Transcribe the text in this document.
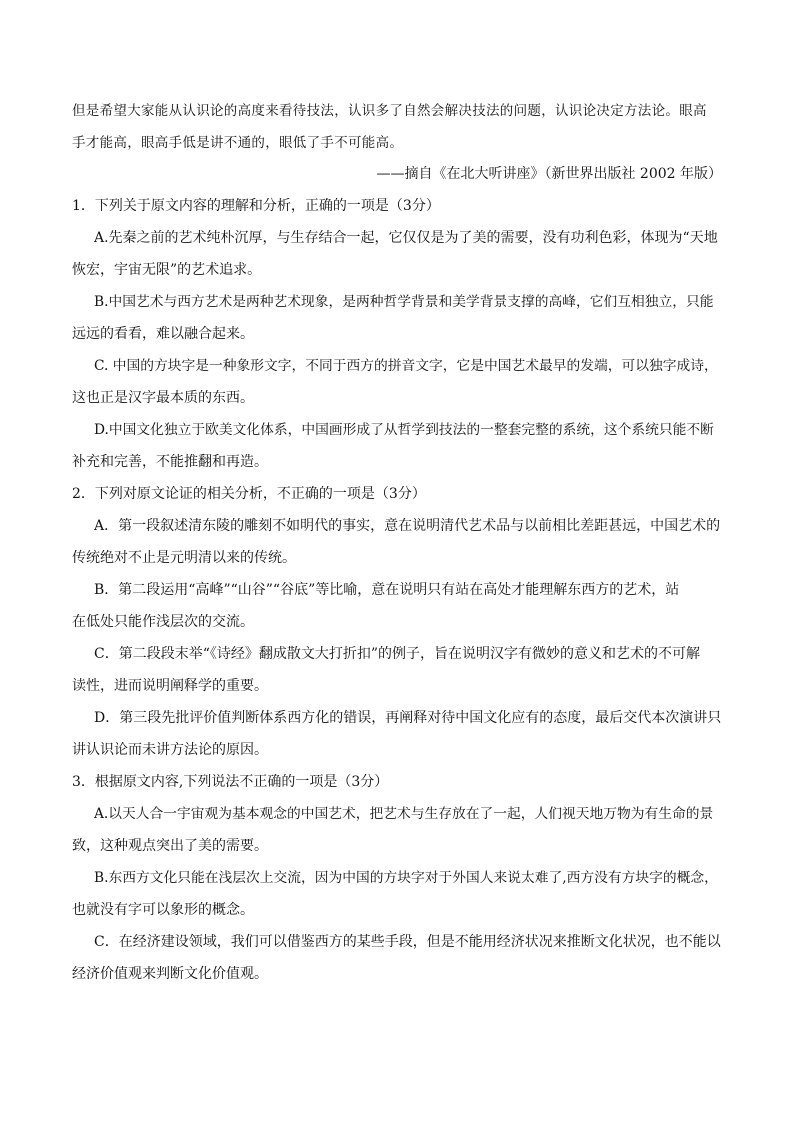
但是希望大家能从认识论的高度来看待技法，认识多了自然会解决技法的问题，认识论决定方法论。眼高

手才能高，眼高手低是讲不通的，眼低了手不可能高。

——摘自《在北大听讲座》（新世界出版社 2002 年版）

1．下列关于原文内容的理解和分析，正确的一项是（3分）

A.先秦之前的艺术纯朴沉厚，与生存结合一起，它仅仅是为了美的需要，没有功利色彩，体现为“天地

恢宏，宇宙无限”的艺术追求。

B.中国艺术与西方艺术是两种艺术现象，是两种哲学背景和美学背景支撑的高峰，它们互相独立，只能

远远的看看，难以融合起来。

C. 中国的方块字是一种象形文字，不同于西方的拼音文字，它是中国艺术最早的发端，可以独字成诗，

这也正是汉字最本质的东西。

D.中国文化独立于欧美文化体系，中国画形成了从哲学到技法的一整套完整的系统，这个系统只能不断

补充和完善，不能推翻和再造。

2．下列对原文论证的相关分析，不正确的一项是（3分）

A．第一段叙述清东陵的雕刻不如明代的事实，意在说明清代艺术品与以前相比差距甚远，中国艺术的

传统绝对不止是元明清以来的传统。

B．第二段运用“高峰”“山谷”“谷底”等比喻，意在说明只有站在高处才能理解东西方的艺术，站

在低处只能作浅层次的交流。

C．第二段段末举“《诗经》翻成散文大打折扣”的例子，旨在说明汉字有微妙的意义和艺术的不可解

读性，进而说明阐释学的重要。

D．第三段先批评价值判断体系西方化的错误，再阐释对待中国文化应有的态度，最后交代本次演讲只

讲认识论而未讲方法论的原因。

3．根据原文内容,下列说法不正确的一项是（3分）

A.以天人合一宇宙观为基本观念的中国艺术，把艺术与生存放在了一起，人们视天地万物为有生命的景

致，这种观点突出了美的需要。

B.东西方文化只能在浅层次上交流，因为中国的方块字对于外国人来说太难了,西方没有方块字的概念，

也就没有字可以象形的概念。

C．在经济建设领域，我们可以借鉴西方的某些手段，但是不能用经济状况来推断文化状况，也不能以

经济价值观来判断文化价值观。
